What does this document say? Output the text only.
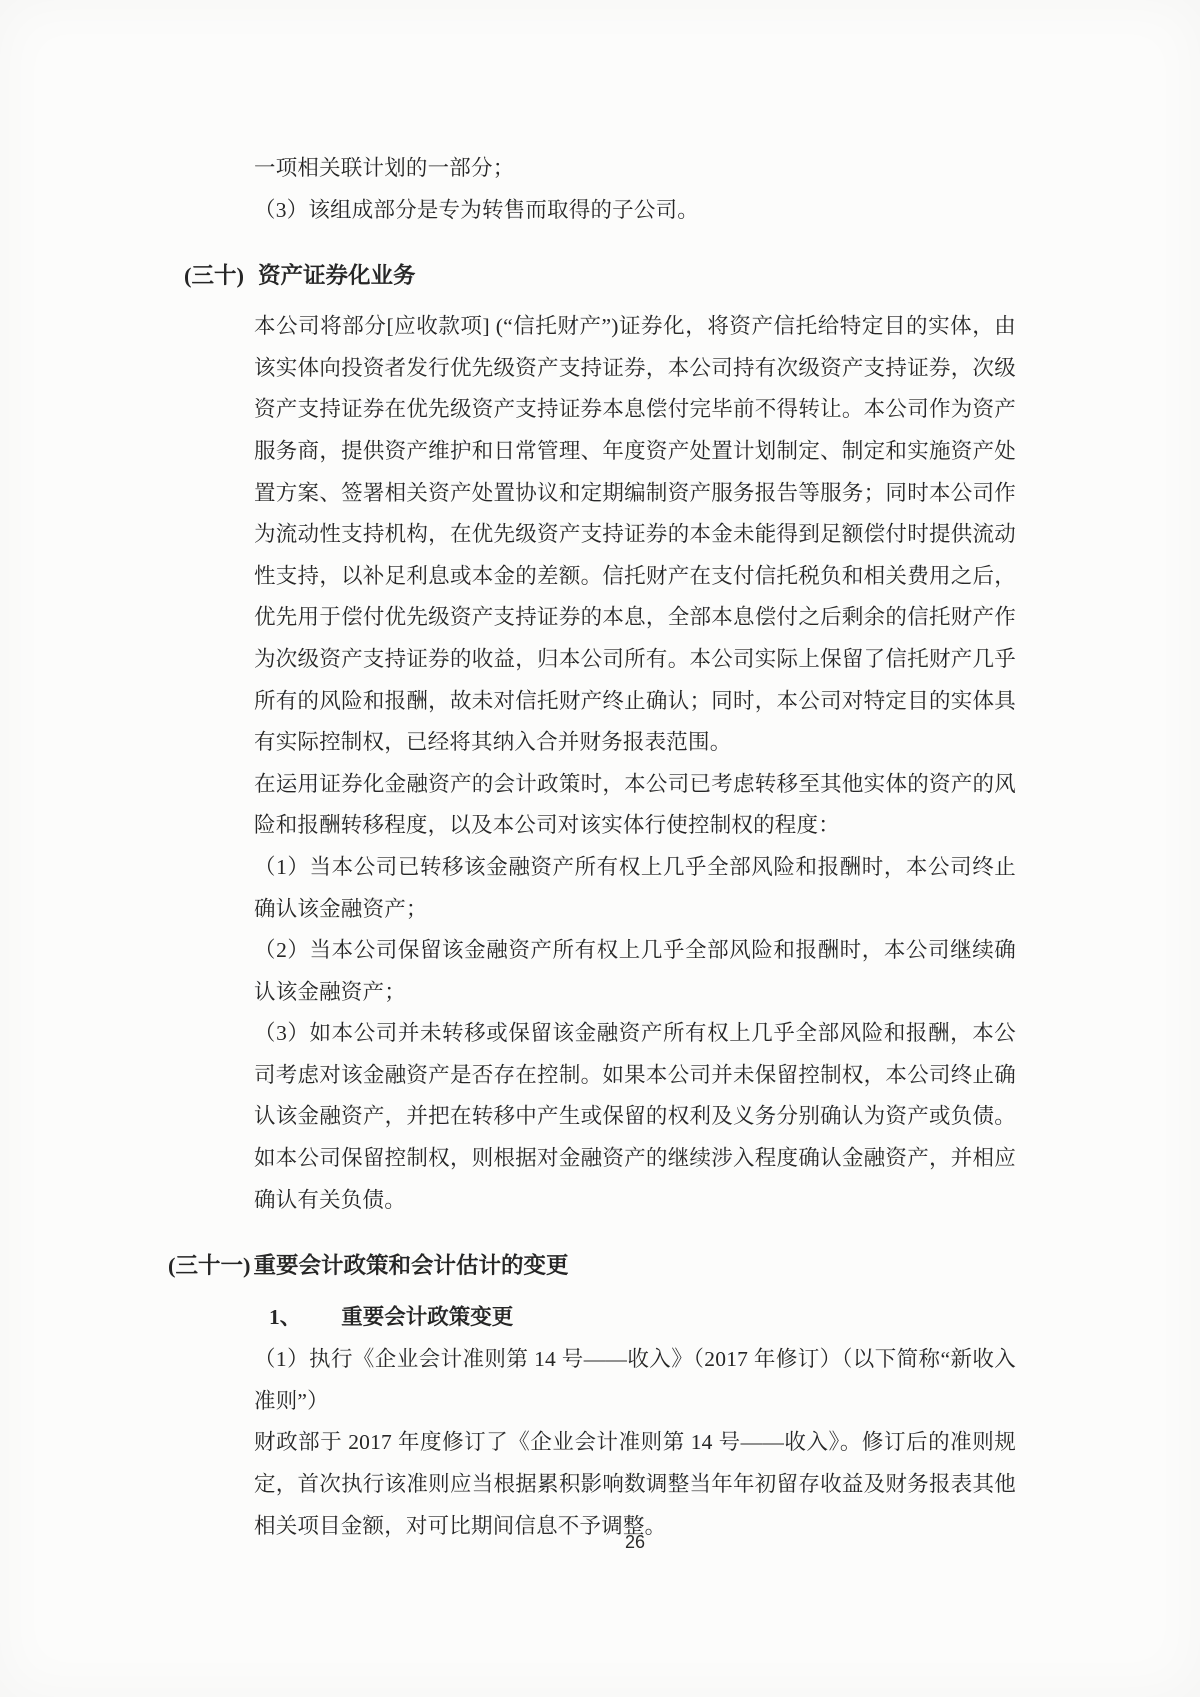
一项相关联计划的一部分；

（3）该组成部分是专为转售而取得的子公司。

(三十) 资产证券化业务

本公司将部分[应收款项] (“信托财产”)证券化，将资产信托给特定目的实体，由该实体向投资者发行优先级资产支持证券，本公司持有次级资产支持证券，次级资产支持证券在优先级资产支持证券本息偿付完毕前不得转让。本公司作为资产服务商，提供资产维护和日常管理、年度资产处置计划制定、制定和实施资产处置方案、签署相关资产处置协议和定期编制资产服务报告等服务；同时本公司作为流动性支持机构，在优先级资产支持证券的本金未能得到足额偿付时提供流动性支持，以补足利息或本金的差额。信托财产在支付信托税负和相关费用之后，优先用于偿付优先级资产支持证券的本息，全部本息偿付之后剩余的信托财产作为次级资产支持证券的收益，归本公司所有。本公司实际上保留了信托财产几乎所有的风险和报酬，故未对信托财产终止确认；同时，本公司对特定目的实体具有实际控制权，已经将其纳入合并财务报表范围。

在运用证券化金融资产的会计政策时，本公司已考虑转移至其他实体的资产的风险和报酬转移程度，以及本公司对该实体行使控制权的程度：

（1）当本公司已转移该金融资产所有权上几乎全部风险和报酬时，本公司终止确认该金融资产；

（2）当本公司保留该金融资产所有权上几乎全部风险和报酬时，本公司继续确认该金融资产；

（3）如本公司并未转移或保留该金融资产所有权上几乎全部风险和报酬，本公司考虑对该金融资产是否存在控制。如果本公司并未保留控制权，本公司终止确认该金融资产，并把在转移中产生或保留的权利及义务分别确认为资产或负债。如本公司保留控制权，则根据对金融资产的继续涉入程度确认金融资产，并相应确认有关负债。

(三十一) 重要会计政策和会计估计的变更
1、 重要会计政策变更

（1）执行《企业会计准则第 14 号——收入》（2017 年修订）（以下简称“新收入准则”）

财政部于 2017 年度修订了《企业会计准则第 14 号——收入》。修订后的准则规定，首次执行该准则应当根据累积影响数调整当年年初留存收益及财务报表其他相关项目金额，对可比期间信息不予调整。

26
